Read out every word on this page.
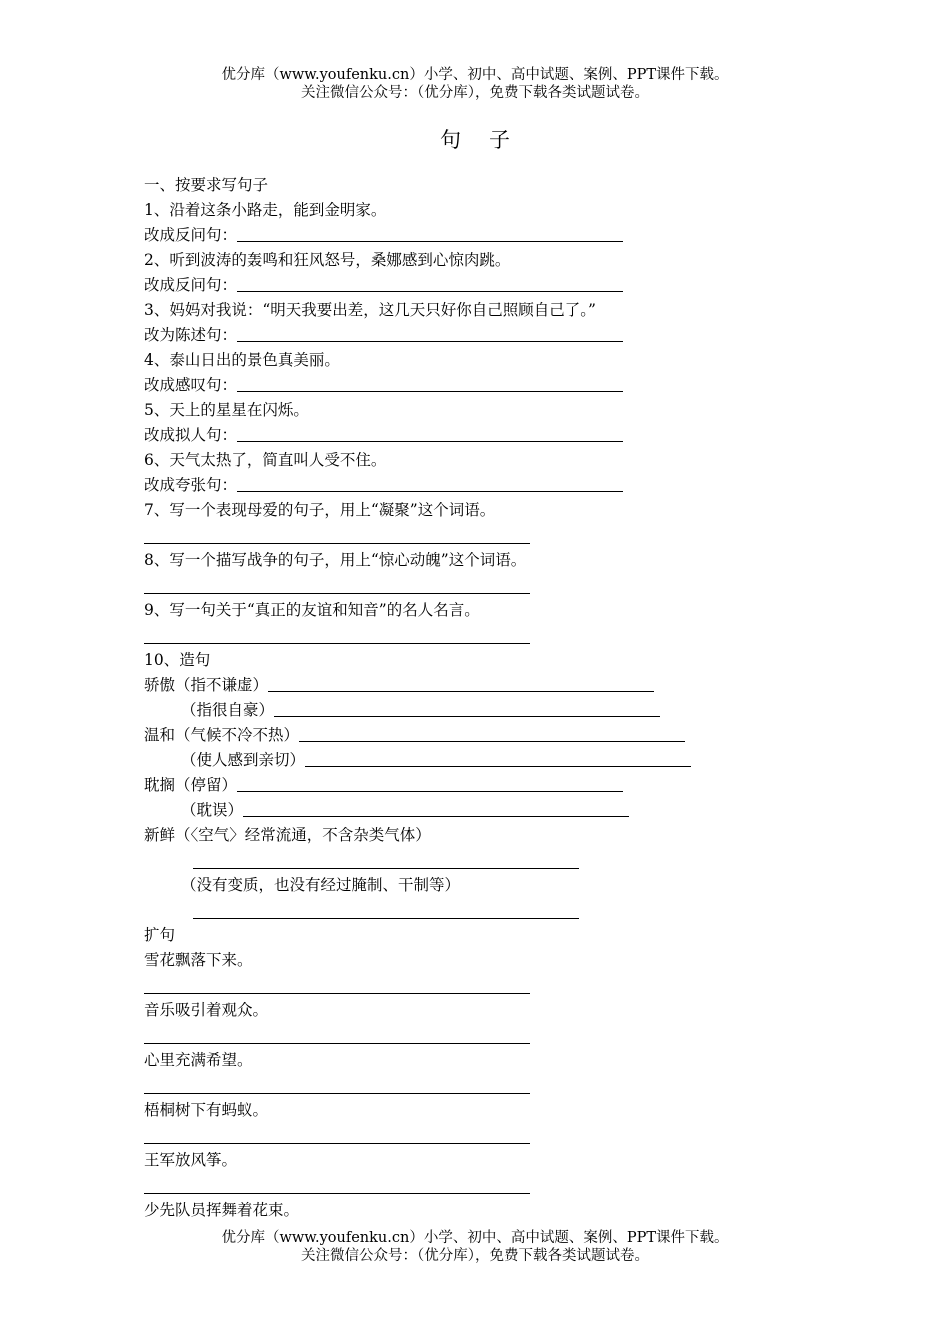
优分库（www.youfenku.cn）小学、初中、高中试题、案例、PPT课件下载。
关注微信公众号：（优分库），免费下载各类试题试卷。
句子
一、按要求写句子
1、沿着这条小路走，能到金明家。
改成反问句：
2、听到波涛的轰鸣和狂风怒号，桑娜感到心惊肉跳。
改成反问句：
3、妈妈对我说：“明天我要出差，这几天只好你自己照顾自己了。”
改为陈述句：
4、泰山日出的景色真美丽。
改成感叹句：
5、天上的星星在闪烁。
改成拟人句：
6、天气太热了，简直叫人受不住。
改成夸张句：
7、写一个表现母爱的句子，用上“凝聚”这个词语。
8、写一个描写战争的句子，用上“惊心动魄”这个词语。
9、写一句关于“真正的友谊和知音”的名人名言。
10、造句
骄傲（指不谦虚）
（指很自豪）
温和（气候不冷不热）
（使人感到亲切）
耽搁（停留）
（耽误）
新鲜（〈空气〉经常流通，不含杂类气体）
（没有变质，也没有经过腌制、干制等）
扩句
雪花飘落下来。
音乐吸引着观众。
心里充满希望。
梧桐树下有蚂蚁。
王军放风筝。
少先队员挥舞着花束。
优分库（www.youfenku.cn）小学、初中、高中试题、案例、PPT课件下载。
关注微信公众号：（优分库），免费下载各类试题试卷。
